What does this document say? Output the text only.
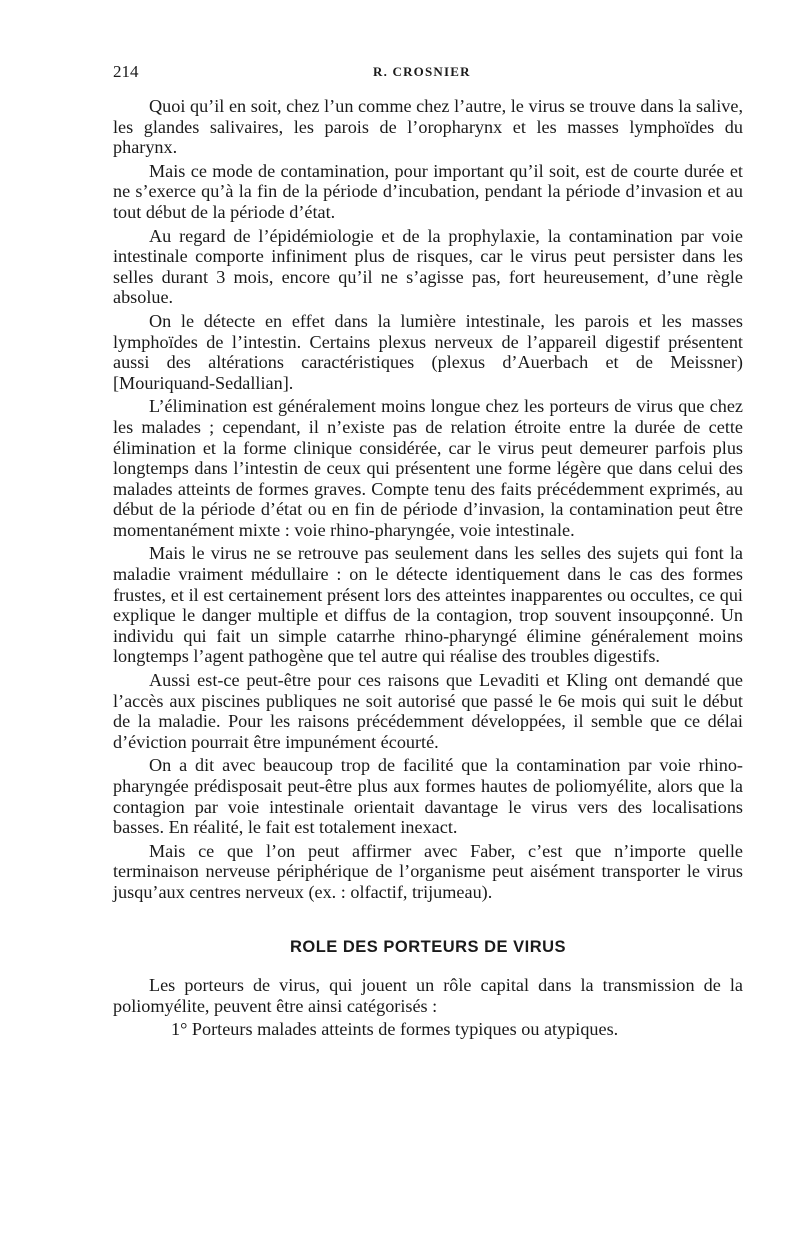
214	R. CROSNIER

Quoi qu’il en soit, chez l’un comme chez l’autre, le virus se trouve dans la salive, les glandes salivaires, les parois de l’oropharynx et les masses lymphoïdes du pharynx.

Mais ce mode de contamination, pour important qu’il soit, est de courte durée et ne s’exerce qu’à la fin de la période d’incubation, pendant la période d’invasion et au tout début de la période d’état.

Au regard de l’épidémiologie et de la prophylaxie, la contamination par voie intestinale comporte infiniment plus de risques, car le virus peut persister dans les selles durant 3 mois, encore qu’il ne s’agisse pas, fort heureusement, d’une règle absolue.

On le détecte en effet dans la lumière intestinale, les parois et les masses lymphoïdes de l’intestin. Certains plexus nerveux de l’appareil digestif présentent aussi des altérations caractéristiques (plexus d’Auerbach et de Meissner) [Mouriquand-Sedallian].

L’élimination est généralement moins longue chez les porteurs de virus que chez les malades ; cependant, il n’existe pas de relation étroite entre la durée de cette élimination et la forme clinique considérée, car le virus peut demeurer parfois plus longtemps dans l’intestin de ceux qui présentent une forme légère que dans celui des malades atteints de formes graves. Compte tenu des faits précédemment exprimés, au début de la période d’état ou en fin de période d’invasion, la contamination peut être momentanément mixte : voie rhino-pharyngée, voie intestinale.

Mais le virus ne se retrouve pas seulement dans les selles des sujets qui font la maladie vraiment médullaire : on le détecte identiquement dans le cas des formes frustes, et il est certainement présent lors des atteintes inapparentes ou occultes, ce qui explique le danger multiple et diffus de la contagion, trop souvent insoupçonné. Un individu qui fait un simple catarrhe rhino-pharyngé élimine généralement moins longtemps l’agent pathogène que tel autre qui réalise des troubles digestifs.

Aussi est-ce peut-être pour ces raisons que Levaditi et Kling ont demandé que l’accès aux piscines publiques ne soit autorisé que passé le 6e mois qui suit le début de la maladie. Pour les raisons précédemment développées, il semble que ce délai d’éviction pourrait être impunément écourté.

On a dit avec beaucoup trop de facilité que la contamination par voie rhino-pharyngée prédisposait peut-être plus aux formes hautes de poliomyélite, alors que la contagion par voie intestinale orientait davantage le virus vers des localisations basses. En réalité, le fait est totalement inexact.

Mais ce que l’on peut affirmer avec Faber, c’est que n’importe quelle terminaison nerveuse périphérique de l’organisme peut aisément transporter le virus jusqu’aux centres nerveux (ex. : olfactif, trijumeau).

ROLE DES PORTEURS DE VIRUS

Les porteurs de virus, qui jouent un rôle capital dans la transmission de la poliomyélite, peuvent être ainsi catégorisés :

1° Porteurs malades atteints de formes typiques ou atypiques.
